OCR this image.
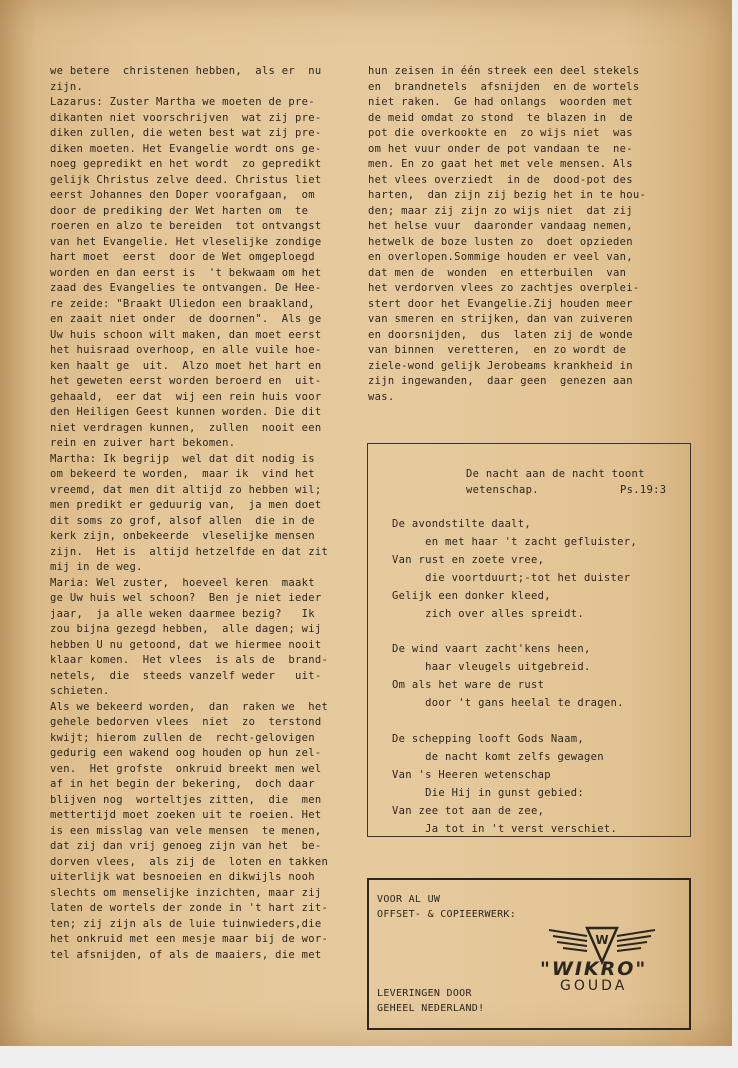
we betere  christenen hebben,  als er  nu

zijn.

Lazarus: Zuster Martha we moeten de pre-

dikanten niet voorschrijven  wat zij pre-

diken zullen, die weten best wat zij pre-

diken moeten. Het Evangelie wordt ons ge-

noeg gepredikt en het wordt  zo gepredikt

gelijk Christus zelve deed. Christus liet

eerst Johannes den Doper voorafgaan,  om

door de prediking der Wet harten om  te

roeren en alzo te bereiden  tot ontvangst

van het Evangelie. Het vleselijke zondige

hart moet  eerst  door de Wet omgeploegd

worden en dan eerst is  't bekwaam om het

zaad des Evangelies te ontvangen. De Hee-

re zeide: "Braakt Uliedon een braakland,

en zaait niet onder  de doornen".  Als ge

Uw huis schoon wilt maken, dan moet eerst

het huisraad overhoop, en alle vuile hoe-

ken haalt ge  uit.  Alzo moet het hart en

het geweten eerst worden beroerd en  uit-

gehaald,  eer dat  wij een rein huis voor

den Heiligen Geest kunnen worden. Die dit

niet verdragen kunnen,  zullen  nooit een

rein en zuiver hart bekomen.

Martha: Ik begrijp  wel dat dit nodig is

om bekeerd te worden,  maar ik  vind het

vreemd, dat men dit altijd zo hebben wil;

men predikt er geduurig van,  ja men doet

dit soms zo grof, alsof allen  die in de

kerk zijn, onbekeerde  vleselijke mensen

zijn.  Het is  altijd hetzelfde en dat zit

mij in de weg.

Maria: Wel zuster,  hoeveel keren  maakt

ge Uw huis wel schoon?  Ben je niet ieder

jaar,  ja alle weken daarmee bezig?   Ik

zou bijna gezegd hebben,  alle dagen; wij

hebben U nu getoond, dat we hiermee nooit

klaar komen.  Het vlees  is als de  brand-

netels,  die  steeds vanzelf weder   uit-

schieten.

Als we bekeerd worden,  dan  raken we  het

gehele bedorven vlees  niet  zo  terstond

kwijt; hierom zullen de  recht-gelovigen

gedurig een wakend oog houden op hun zel-

ven.  Het grofste  onkruid breekt men wel

af in het begin der bekering,  doch daar

blijven nog  worteltjes zitten,  die  men

mettertijd moet zoeken uit te roeien. Het

is een misslag van vele mensen  te menen,

dat zij dan vrij genoeg zijn van het  be-

dorven vlees,  als zij de  loten en takken

uiterlijk wat besnoeien en dikwijls nooh

slechts om menselijke inzichten, maar zij

laten de wortels der zonde in 't hart zit-

ten; zij zijn als de luie tuinwieders,die

het onkruid met een mesje maar bij de wor-

tel afsnijden, of als de maaiers, die met

hun zeisen in één streek een deel stekels

en  brandnetels  afsnijden  en de wortels

niet raken.  Ge had onlangs  woorden met

de meid omdat zo stond  te blazen in  de

pot die overkookte en  zo wijs niet  was

om het vuur onder de pot vandaan te  ne-

men. En zo gaat het met vele mensen. Als

het vlees overziedt  in de  dood-pot des

harten,  dan zijn zij bezig het in te hou-

den; maar zij zijn zo wijs niet  dat zij

het helse vuur  daaronder vandaag nemen,

hetwelk de boze lusten zo  doet opzieden

en overlopen.Sommige houden er veel van,

dat men de  wonden  en etterbuilen  van

het verdorven vlees zo zachtjes overplei-

stert door het Evangelie.Zij houden meer

van smeren en strijken, dan van zuiveren

en doorsnijden,  dus  laten zij de wonde

van binnen  veretteren,  en zo wordt de

ziele-wond gelijk Jerobeams krankheid in

zijn ingewanden,  daar geen  genezen aan

was.

De nacht aan de nacht toont
wetenschap.	Ps.19:3
De avondstilte daalt,
en met haar 't zacht gefluister,
Van rust en zoete vree,
die voortduurt;-tot het duister
Gelijk een donker kleed,
zich over alles spreidt.
De wind vaart zacht'kens heen,
haar vleugels uitgebreid.
Om als het ware de rust
door 't gans heelal te dragen.
De schepping looft Gods Naam,
de nacht komt zelfs gewagen
Van 's Heeren wetenschap
Die Hij in gunst gebied:
Van zee tot aan de zee,
Ja tot in 't verst verschiet.
VOOR AL UW
OFFSET- & COPIEERWERK:
LEVERINGEN DOOR
GEHEEL NEDERLAND!
W
"WIKRO"
GOUDA
